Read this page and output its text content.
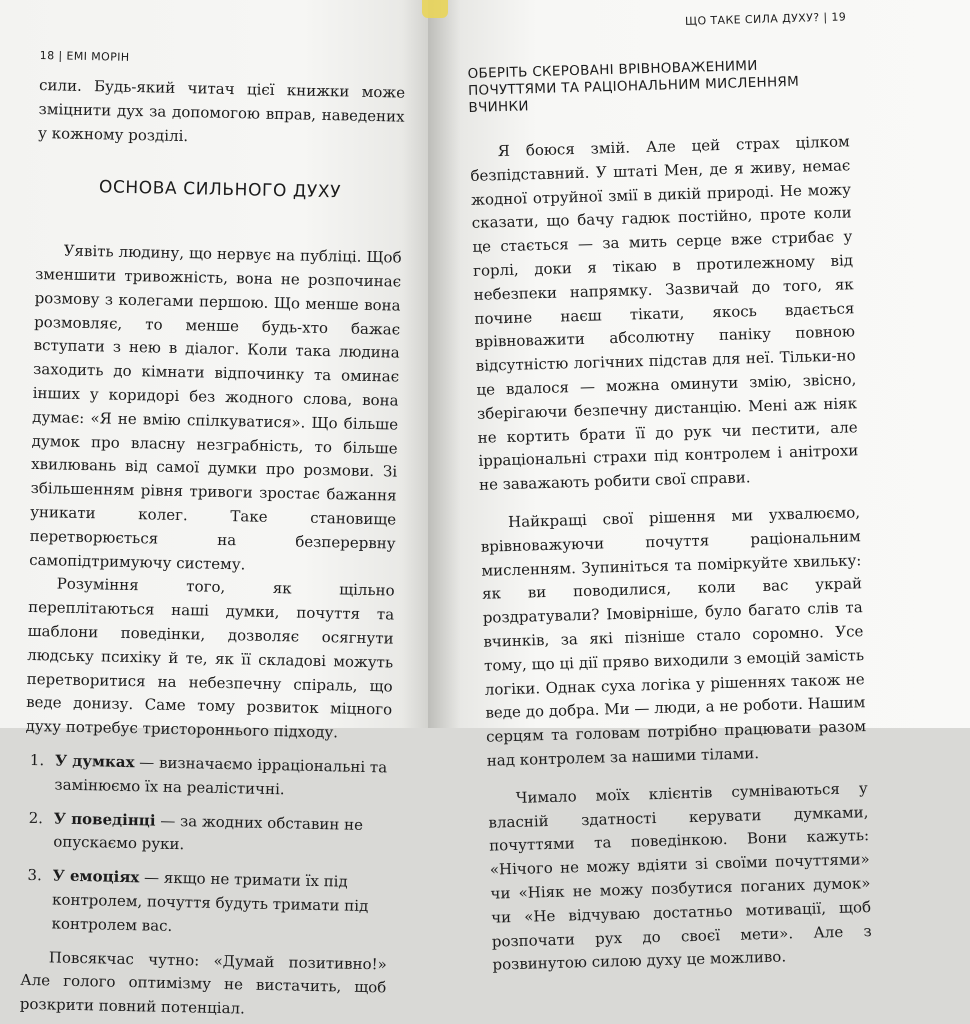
18 | ЕМІ МОРІН

сили. Будь-який читач цієї книжки може зміцнити дух за допомогою вправ, наведених у кожному розділі.

ОСНОВА СИЛЬНОГО ДУХУ

Уявіть людину, що нервує на публіці. Щоб зменшити тривожність, вона не розпочинає розмову з колегами першою. Що менше вона розмовляє, то менше будь-хто бажає вступати з нею в діалог. Коли така людина заходить до кімнати відпочинку та оминає інших у коридорі без жодного слова, вона думає: «Я не вмію спілкуватися». Що більше думок про власну незграбність, то більше хвилювань від самої думки про розмови. Зі збільшенням рівня тривоги зростає бажання уникати колег. Таке становище перетворюється на безперервну самопідтримуючу систему.

Розуміння того, як щільно переплітаються наші думки, почуття та шаблони поведінки, дозволяє осягнути людську психіку й те, як її складові можуть перетворитися на небезпечну спіраль, що веде донизу. Саме тому розвиток міцного духу потребує тристороннього підходу.

1. У думках — визначаємо ірраціональні та замінюємо їх на реалістичні.
2. У поведінці — за жодних обставин не опускаємо руки.
3. У емоціях — якщо не тримати їх під контролем, почуття будуть тримати під контролем вас.

Повсякчас чутно: «Думай позитивно!» Але голого оптимізму не вистачить, щоб розкрити повний потенціал.

ЩО ТАКЕ СИЛА ДУХУ? | 19
ОБЕРІТЬ СКЕРОВАНІ ВРІВНОВАЖЕНИМИ ПОЧУТТЯМИ ТА РАЦІОНАЛЬНИМ МИСЛЕННЯМ ВЧИНКИ

Я боюся змій. Але цей страх цілком безпідставний. У штаті Мен, де я живу, немає жодної отруйної змії в дикій природі. Не можу сказати, що бачу гадюк постійно, проте коли це стається — за мить серце вже стрибає у горлі, доки я тікаю в протилежному від небезпеки напрямку. Зазвичай до того, як почине наєш тікати, якось вдається врівноважити абсолютну паніку повною відсутністю логічних підстав для неї. Тільки-но це вдалося — можна оминути змію, звісно, зберігаючи безпечну дистанцію. Мені аж ніяк не кортить брати її до рук чи пестити, але ірраціональні страхи під контролем і анітрохи не заважають робити свої справи.

Найкращі свої рішення ми ухвалюємо, врівноважуючи почуття раціональним мисленням. Зупиніться та поміркуйте хвильку: як ви поводилися, коли вас украй роздратували? Імовірніше, було багато слів та вчинків, за які пізніше стало соромно. Усе тому, що ці дії пряво виходили з емоцій замість логіки. Однак суха логіка у рішеннях також не веде до добра. Ми — люди, а не роботи. Нашим серцям та головам потрібно працювати разом над контролем за нашими тілами.

Чимало моїх клієнтів сумніваються у власній здатності керувати думками, почуттями та поведінкою. Вони кажуть: «Нічого не можу вдіяти зі своїми почуттями» чи «Ніяк не можу позбутися поганих думок» чи «Не відчуваю достатньо мотивації, щоб розпочати рух до своєї мети». Але з розвинутою силою духу це можливо.
